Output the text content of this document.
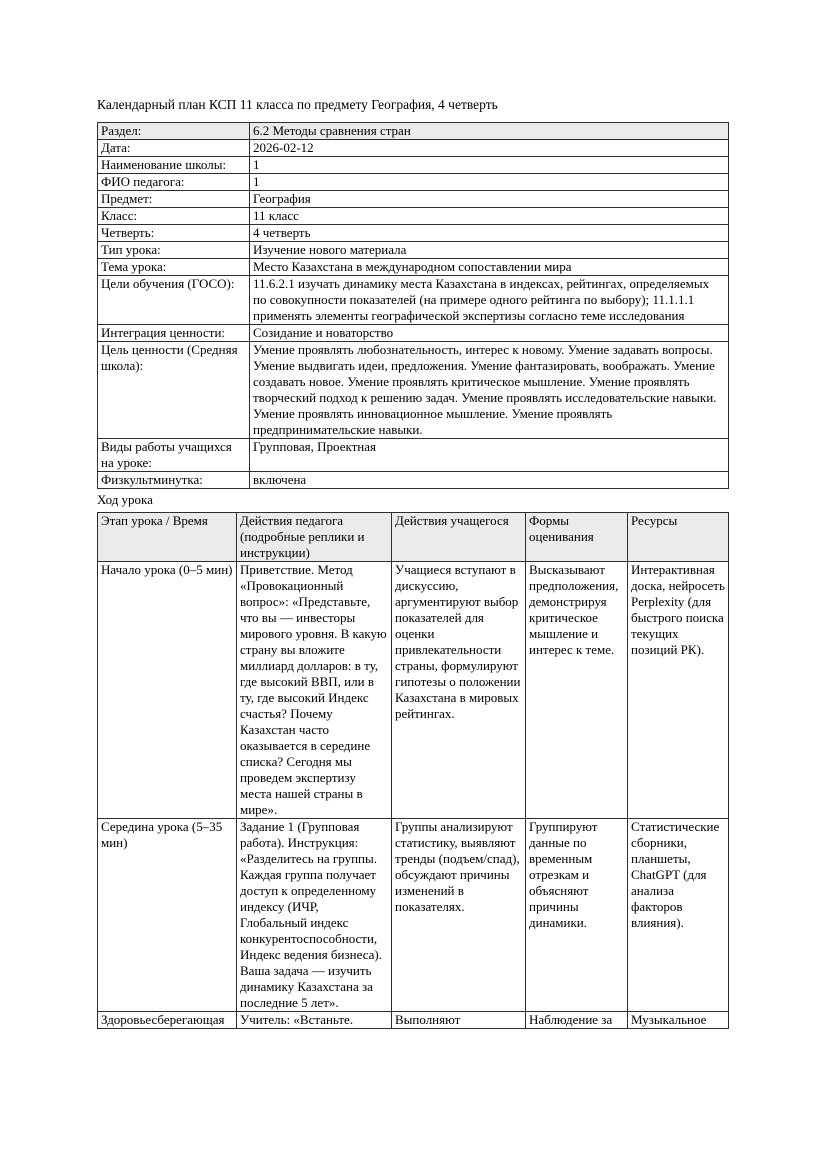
Календарный план КСП 11 класса по предмету География, 4 четверть

Раздел:	6.2 Методы сравнения стран
Дата:	2026-02-12
Наименование школы:	1
ФИО педагога:	1
Предмет:	География
Класс:	11 класс
Четверть:	4 четверть
Тип урока:	Изучение нового материала
Тема урока:	Место Казахстана в международном сопоставлении мира
Цели обучения (ГОСО):	11.6.2.1 изучать динамику места Казахстана в индексах, рейтингах, определяемых по совокупности показателей (на примере одного рейтинга по выбору); 11.1.1.1 применять элементы географической экспертизы согласно теме исследования
Интеграция ценности:	Созидание и новаторство
Цель ценности (Средняя школа):	Умение проявлять любознательность, интерес к новому. Умение задавать вопросы. Умение выдвигать идеи, предложения. Умение фантазировать, воображать. Умение создавать новое. Умение проявлять критическое мышление. Умение проявлять творческий подход к решению задач. Умение проявлять исследовательские навыки. Умение проявлять инновационное мышление. Умение проявлять предпринимательские навыки.
Виды работы учащихся на уроке:	Групповая, Проектная
Физкультминутка:	включена

Ход урока

Этап урока / Время	Действия педагога (подробные реплики и инструкции)	Действия учащегося	Формы оценивания	Ресурсы
Начало урока (0–5 мин)	Приветствие. Метод «Провокационный вопрос»: «Представьте, что вы — инвесторы мирового уровня. В какую страну вы вложите миллиард долларов: в ту, где высокий ВВП, или в ту, где высокий Индекс счастья? Почему Казахстан часто оказывается в середине списка? Сегодня мы проведем экспертизу места нашей страны в мире».	Учащиеся вступают в дискуссию, аргументируют выбор показателей для оценки привлекательности страны, формулируют гипотезы о положении Казахстана в мировых рейтингах.	Высказывают предположения, демонстрируя критическое мышление и интерес к теме.	Интерактивная доска, нейросеть Perplexity (для быстрого поиска текущих позиций РК).
Середина урока (5–35 мин)	Задание 1 (Групповая работа). Инструкция: «Разделитесь на группы. Каждая группа получает доступ к определенному индексу (ИЧР, Глобальный индекс конкурентоспособности, Индекс ведения бизнеса). Ваша задача — изучить динамику Казахстана за последние 5 лет».	Группы анализируют статистику, выявляют тренды (подъем/спад), обсуждают причины изменений в показателях.	Группируют данные по временным отрезкам и объясняют причины динамики.	Статистические сборники, планшеты, ChatGPT (для анализа факторов влияния).
Здоровьесберегающая	Учитель: «Встаньте.	Выполняют	Наблюдение за	Музыкальное
